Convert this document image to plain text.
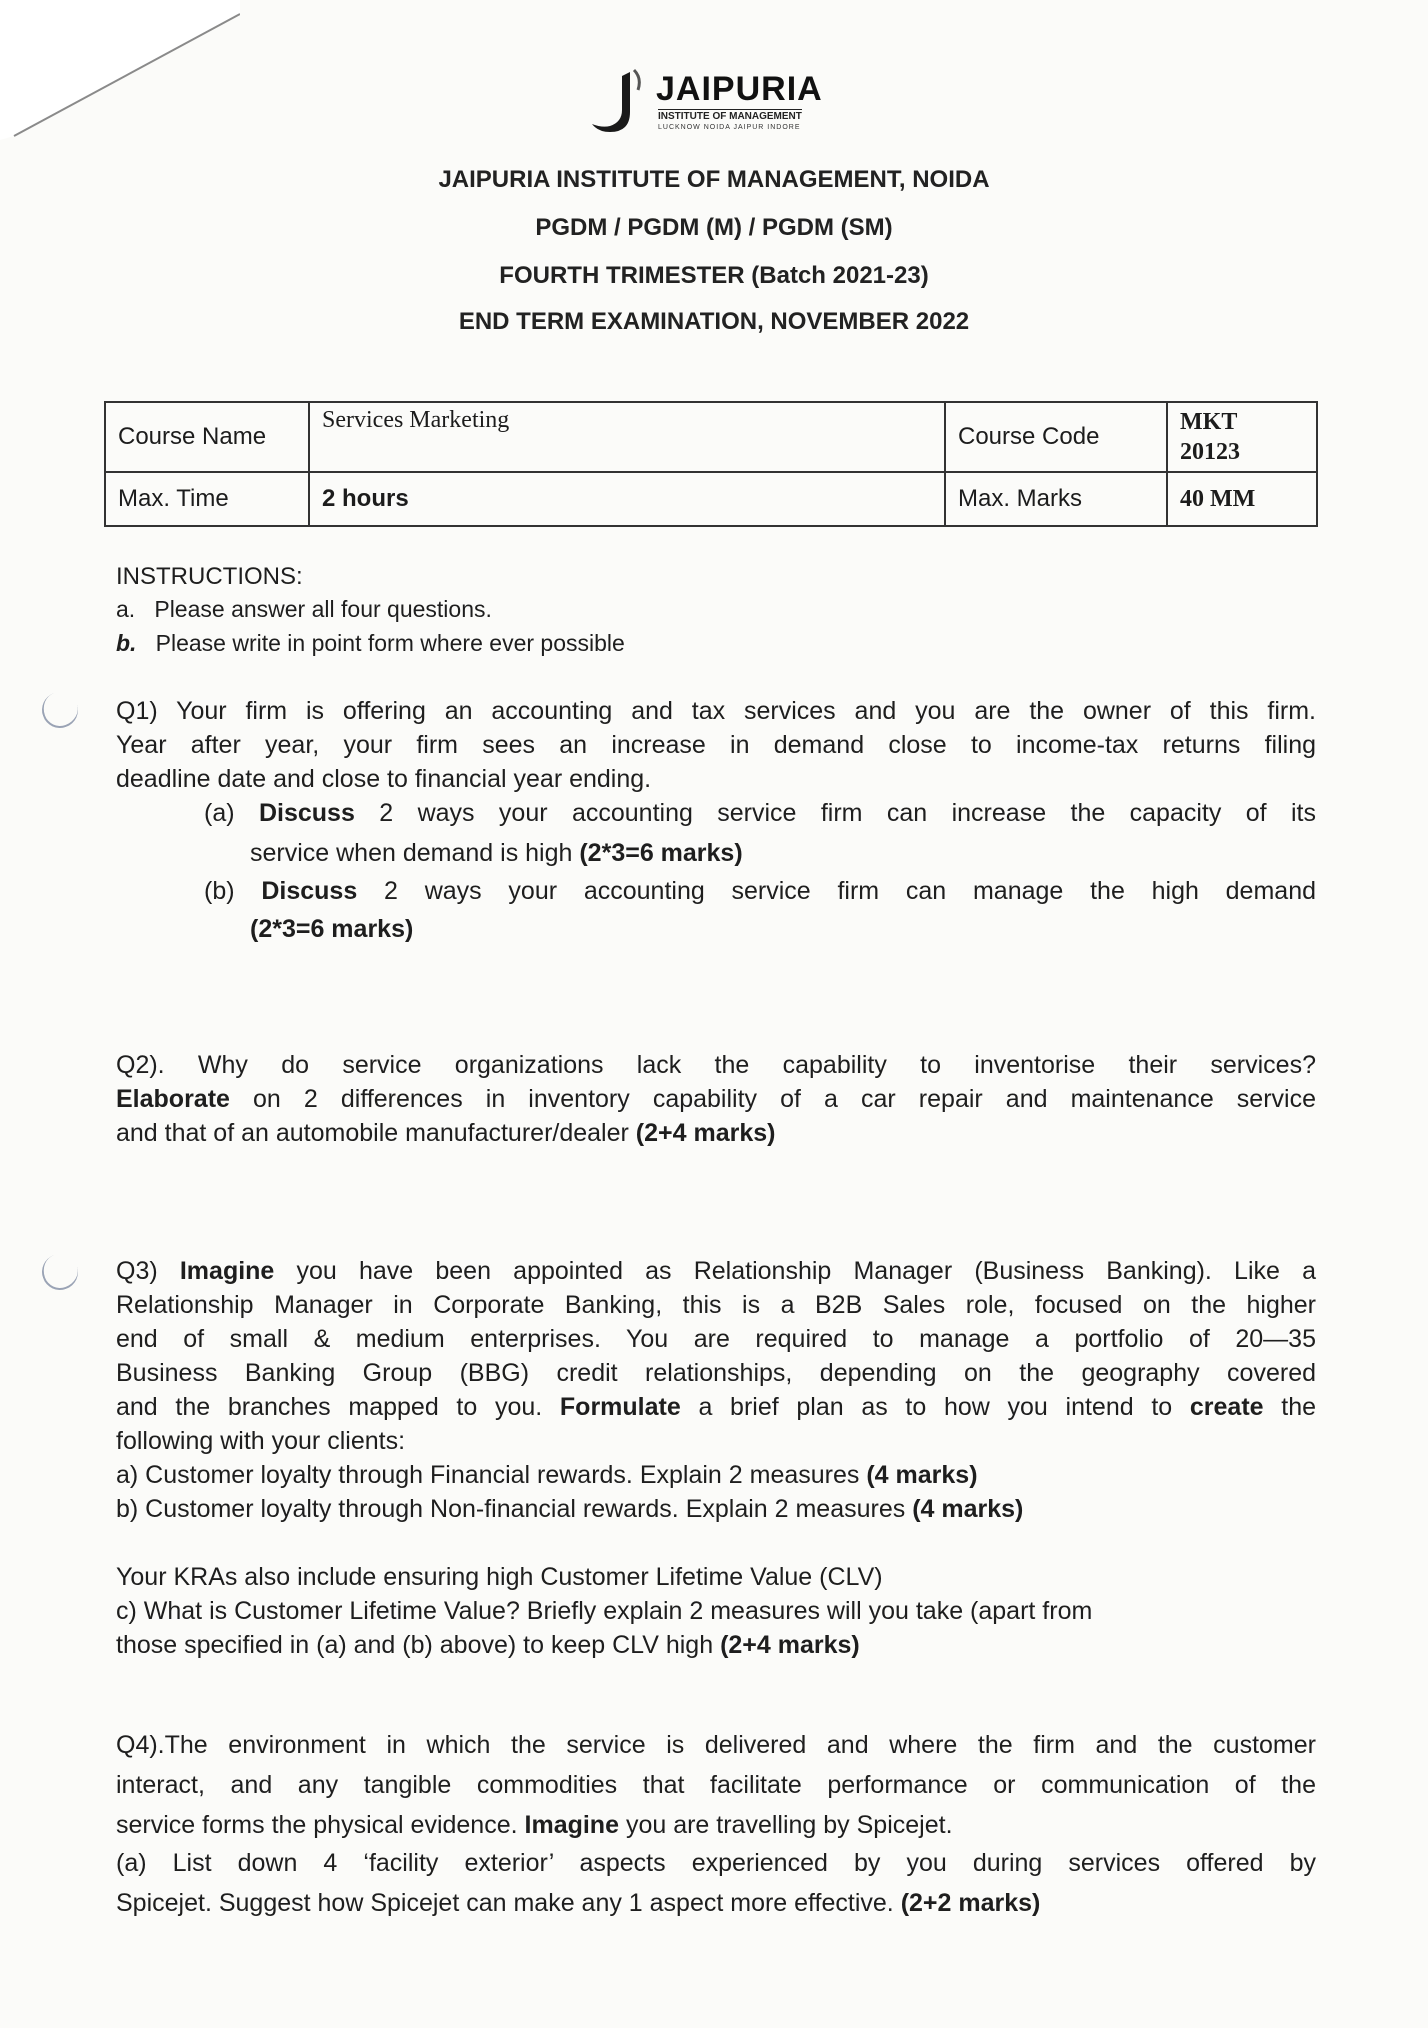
JAIPURIA
INSTITUTE OF MANAGEMENT
LUCKNOW NOIDA JAIPUR INDORE
JAIPURIA INSTITUTE OF MANAGEMENT, NOIDA
PGDM / PGDM (M) / PGDM (SM)
FOURTH TRIMESTER (Batch 2021-23)
END TERM EXAMINATION, NOVEMBER 2022
Course Name	Services Marketing	Course Code	MKT
20123

Max. Time	2 hours	Max. Marks	40 MM
INSTRUCTIONS:
a. Please answer all four questions.
b. Please write in point form where ever possible
Q1) Your firm is offering an accounting and tax services and you are the owner of this firm.
Year after year, your firm sees an increase in demand close to income-tax returns filing
deadline date and close to financial year ending.
(a) Discuss 2 ways your accounting service firm can increase the capacity of its
service when demand is high (2*3=6 marks)
(b) Discuss 2 ways your accounting service firm can manage the high demand
(2*3=6 marks)
Q2). Why do service organizations lack the capability to inventorise their services?
Elaborate on 2 differences in inventory capability of a car repair and maintenance service
and that of an automobile manufacturer/dealer (2+4 marks)
Q3) Imagine you have been appointed as Relationship Manager (Business Banking). Like a
Relationship Manager in Corporate Banking, this is a B2B Sales role, focused on the higher
end of small & medium enterprises. You are required to manage a portfolio of 20—35
Business Banking Group (BBG) credit relationships, depending on the geography covered
and the branches mapped to you. Formulate a brief plan as to how you intend to create the
following with your clients:
a) Customer loyalty through Financial rewards. Explain 2 measures (4 marks)
b) Customer loyalty through Non-financial rewards. Explain 2 measures (4 marks)
Your KRAs also include ensuring high Customer Lifetime Value (CLV)
c) What is Customer Lifetime Value? Briefly explain 2 measures will you take (apart from
those specified in (a) and (b) above) to keep CLV high (2+4 marks)
Q4).The environment in which the service is delivered and where the firm and the customer
interact, and any tangible commodities that facilitate performance or communication of the
service forms the physical evidence. Imagine you are travelling by Spicejet.
(a) List down 4 ‘facility exterior’ aspects experienced by you during services offered by
Spicejet. Suggest how Spicejet can make any 1 aspect more effective. (2+2 marks)
